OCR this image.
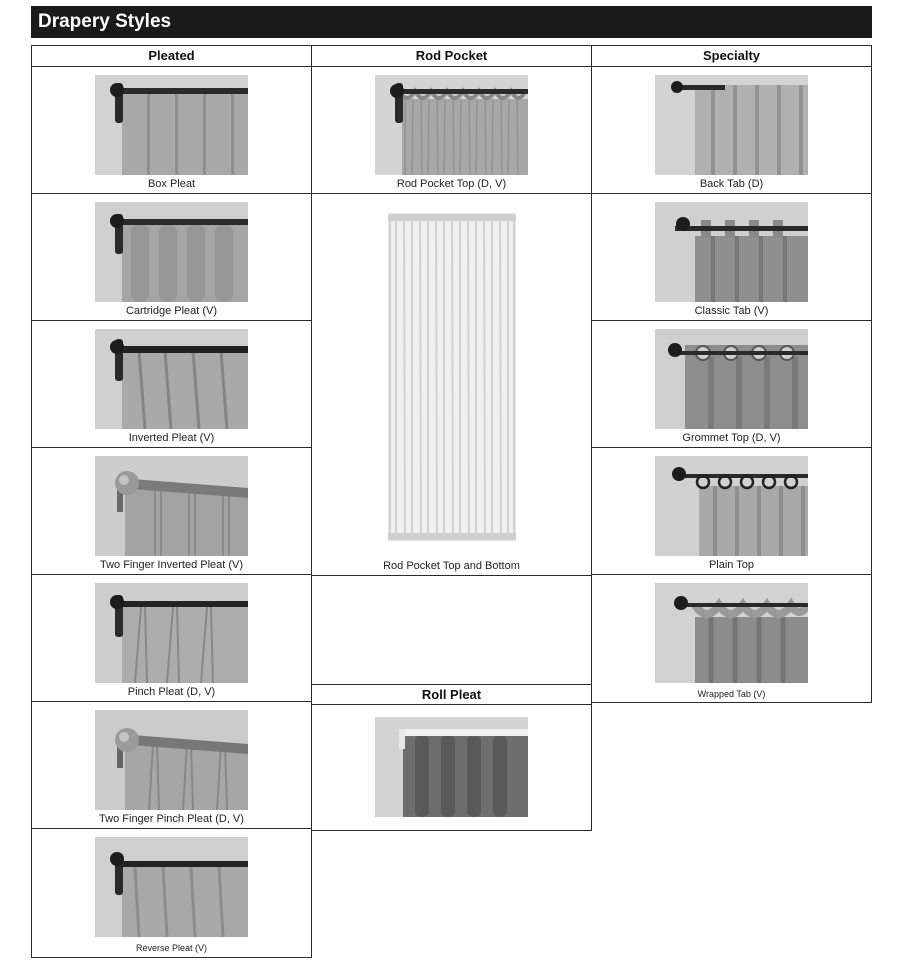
Drapery Styles
Pleated	Rod Pocket	Specialty
Box Pleat
Cartridge Pleat (V)
Inverted Pleat (V)
Two Finger Inverted Pleat (V)
Pinch Pleat (D, V)
Two Finger Pinch Pleat (D, V)
Reverse Pleat (V)
Rod Pocket Top (D, V)
Rod Pocket Top and Bottom
Roll Pleat
Back Tab (D)
Classic Tab (V)
Grommet Top (D, V)
Plain Top
Wrapped Tab (V)
